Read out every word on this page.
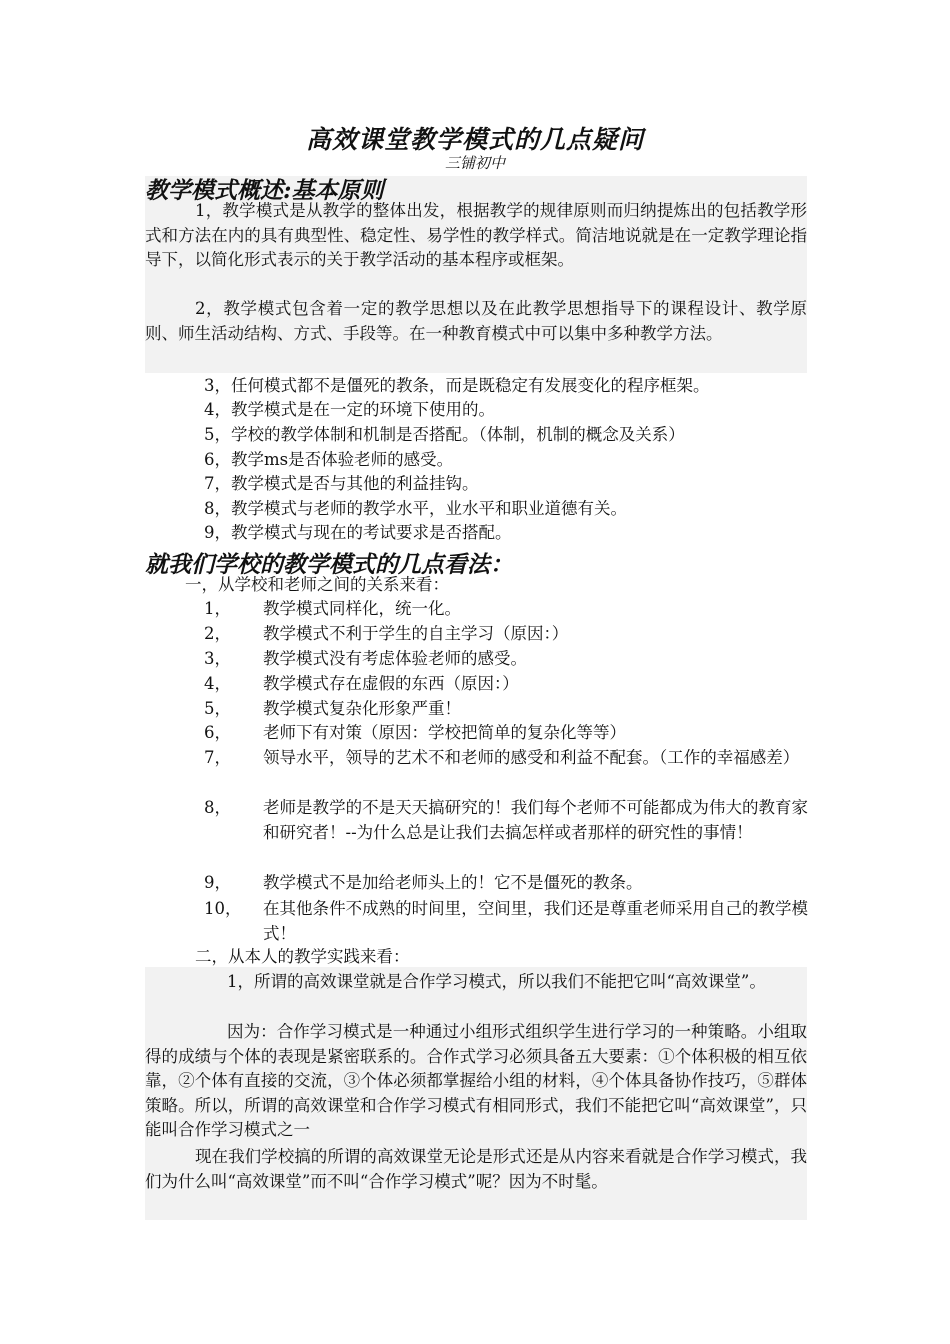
高效课堂教学模式的几点疑问
三铺初中
教学模式概述:基本原则
1，教学模式是从教学的整体出发，根据教学的规律原则而归纳提炼出的包括教学形式和方法在内的具有典型性、稳定性、易学性的教学样式。简洁地说就是在一定教学理论指导下，以简化形式表示的关于教学活动的基本程序或框架。
2，教学模式包含着一定的教学思想以及在此教学思想指导下的课程设计、教学原则、师生活动结构、方式、手段等。在一种教育模式中可以集中多种教学方法。
3，任何模式都不是僵死的教条，而是既稳定有发展变化的程序框架。
4，教学模式是在一定的环境下使用的。
5，学校的教学体制和机制是否搭配。（体制，机制的概念及关系）
6，教学ms是否体验老师的感受。
7，教学模式是否与其他的利益挂钩。
8，教学模式与老师的教学水平，业水平和职业道德有关。
9，教学模式与现在的考试要求是否搭配。
就我们学校的教学模式的几点看法：
一，从学校和老师之间的关系来看：
1， 教学模式同样化，统一化。
2， 教学模式不利于学生的自主学习（原因：）
3， 教学模式没有考虑体验老师的感受。
4， 教学模式存在虚假的东西（原因：）
5， 教学模式复杂化形象严重！
6， 老师下有对策（原因：学校把简单的复杂化等等）
7， 领导水平，领导的艺术不和老师的感受和利益不配套。（工作的幸福感差）
8， 老师是教学的不是天天搞研究的！我们每个老师不可能都成为伟大的教育家和研究者！--为什么总是让我们去搞怎样或者那样的研究性的事情！
9， 教学模式不是加给老师头上的！它不是僵死的教条。
10， 在其他条件不成熟的时间里，空间里，我们还是尊重老师采用自己的教学模式！
二，从本人的教学实践来看：
1，所谓的高效课堂就是合作学习模式，所以我们不能把它叫“高效课堂”。
因为：合作学习模式是一种通过小组形式组织学生进行学习的一种策略。小组取得的成绩与个体的表现是紧密联系的。合作式学习必须具备五大要素：①个体积极的相互依靠，②个体有直接的交流，③个体必须都掌握给小组的材料，④个体具备协作技巧，⑤群体策略。所以，所谓的高效课堂和合作学习模式有相同形式，我们不能把它叫“高效课堂”，只能叫合作学习模式之一
现在我们学校搞的所谓的高效课堂无论是形式还是从内容来看就是合作学习模式，我们为什么叫“高效课堂”而不叫“合作学习模式”呢？因为不时髦。
